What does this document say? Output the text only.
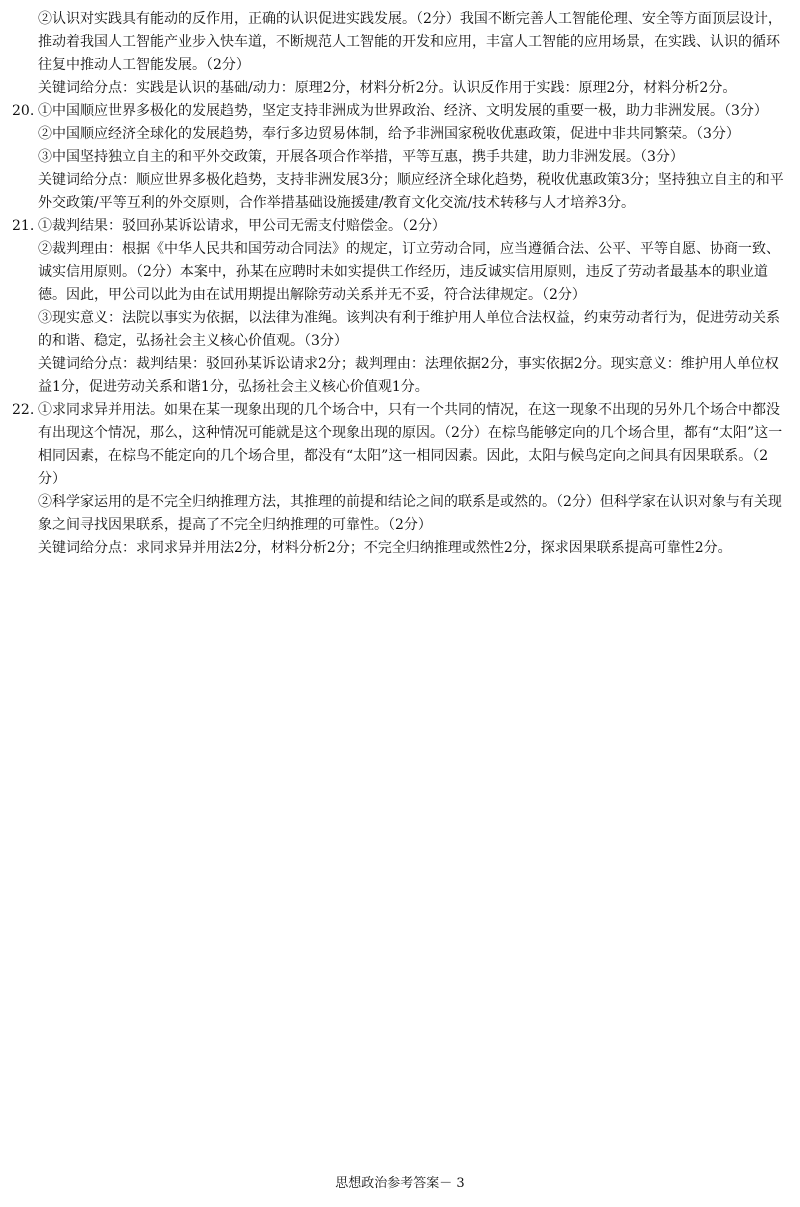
②认识对实践具有能动的反作用，正确的认识促进实践发展。（2分）我国不断完善人工智能伦理、安全等方面顶层设计，推动着我国人工智能产业步入快车道，不断规范人工智能的开发和应用，丰富人工智能的应用场景，在实践、认识的循环往复中推动人工智能发展。（2分）

关键词给分点：实践是认识的基础/动力：原理2分，材料分析2分。认识反作用于实践：原理2分，材料分析2分。

20. ①中国顺应世界多极化的发展趋势，坚定支持非洲成为世界政治、经济、文明发展的重要一极，助力非洲发展。（3分）

②中国顺应经济全球化的发展趋势，奉行多边贸易体制，给予非洲国家税收优惠政策，促进中非共同繁荣。（3分）

③中国坚持独立自主的和平外交政策，开展各项合作举措，平等互惠，携手共建，助力非洲发展。（3分）

关键词给分点：顺应世界多极化趋势，支持非洲发展3分；顺应经济全球化趋势，税收优惠政策3分；坚持独立自主的和平外交政策/平等互利的外交原则，合作举措基础设施援建/教育文化交流/技术转移与人才培养3分。

21. ①裁判结果：驳回孙某诉讼请求，甲公司无需支付赔偿金。（2分）

②裁判理由：根据《中华人民共和国劳动合同法》的规定，订立劳动合同，应当遵循合法、公平、平等自愿、协商一致、诚实信用原则。（2分）本案中，孙某在应聘时未如实提供工作经历，违反诚实信用原则，违反了劳动者最基本的职业道德。因此，甲公司以此为由在试用期提出解除劳动关系并无不妥，符合法律规定。（2分）

③现实意义：法院以事实为依据，以法律为准绳。该判决有利于维护用人单位合法权益，约束劳动者行为，促进劳动关系的和谐、稳定，弘扬社会主义核心价值观。（3分）

关键词给分点：裁判结果：驳回孙某诉讼请求2分；裁判理由：法理依据2分，事实依据2分。现实意义：维护用人单位权益1分，促进劳动关系和谐1分，弘扬社会主义核心价值观1分。

22. ①求同求异并用法。如果在某一现象出现的几个场合中，只有一个共同的情况，在这一现象不出现的另外几个场合中都没有出现这个情况，那么，这种情况可能就是这个现象出现的原因。（2分）在棕鸟能够定向的几个场合里，都有“太阳”这一相同因素，在棕鸟不能定向的几个场合里，都没有“太阳”这一相同因素。因此，太阳与候鸟定向之间具有因果联系。（2分）

②科学家运用的是不完全归纳推理方法，其推理的前提和结论之间的联系是或然的。（2分）但科学家在认识对象与有关现象之间寻找因果联系，提高了不完全归纳推理的可靠性。（2分）

关键词给分点：求同求异并用法2分，材料分析2分；不完全归纳推理或然性2分，探求因果联系提高可靠性2分。

思想政治参考答案－ 3
